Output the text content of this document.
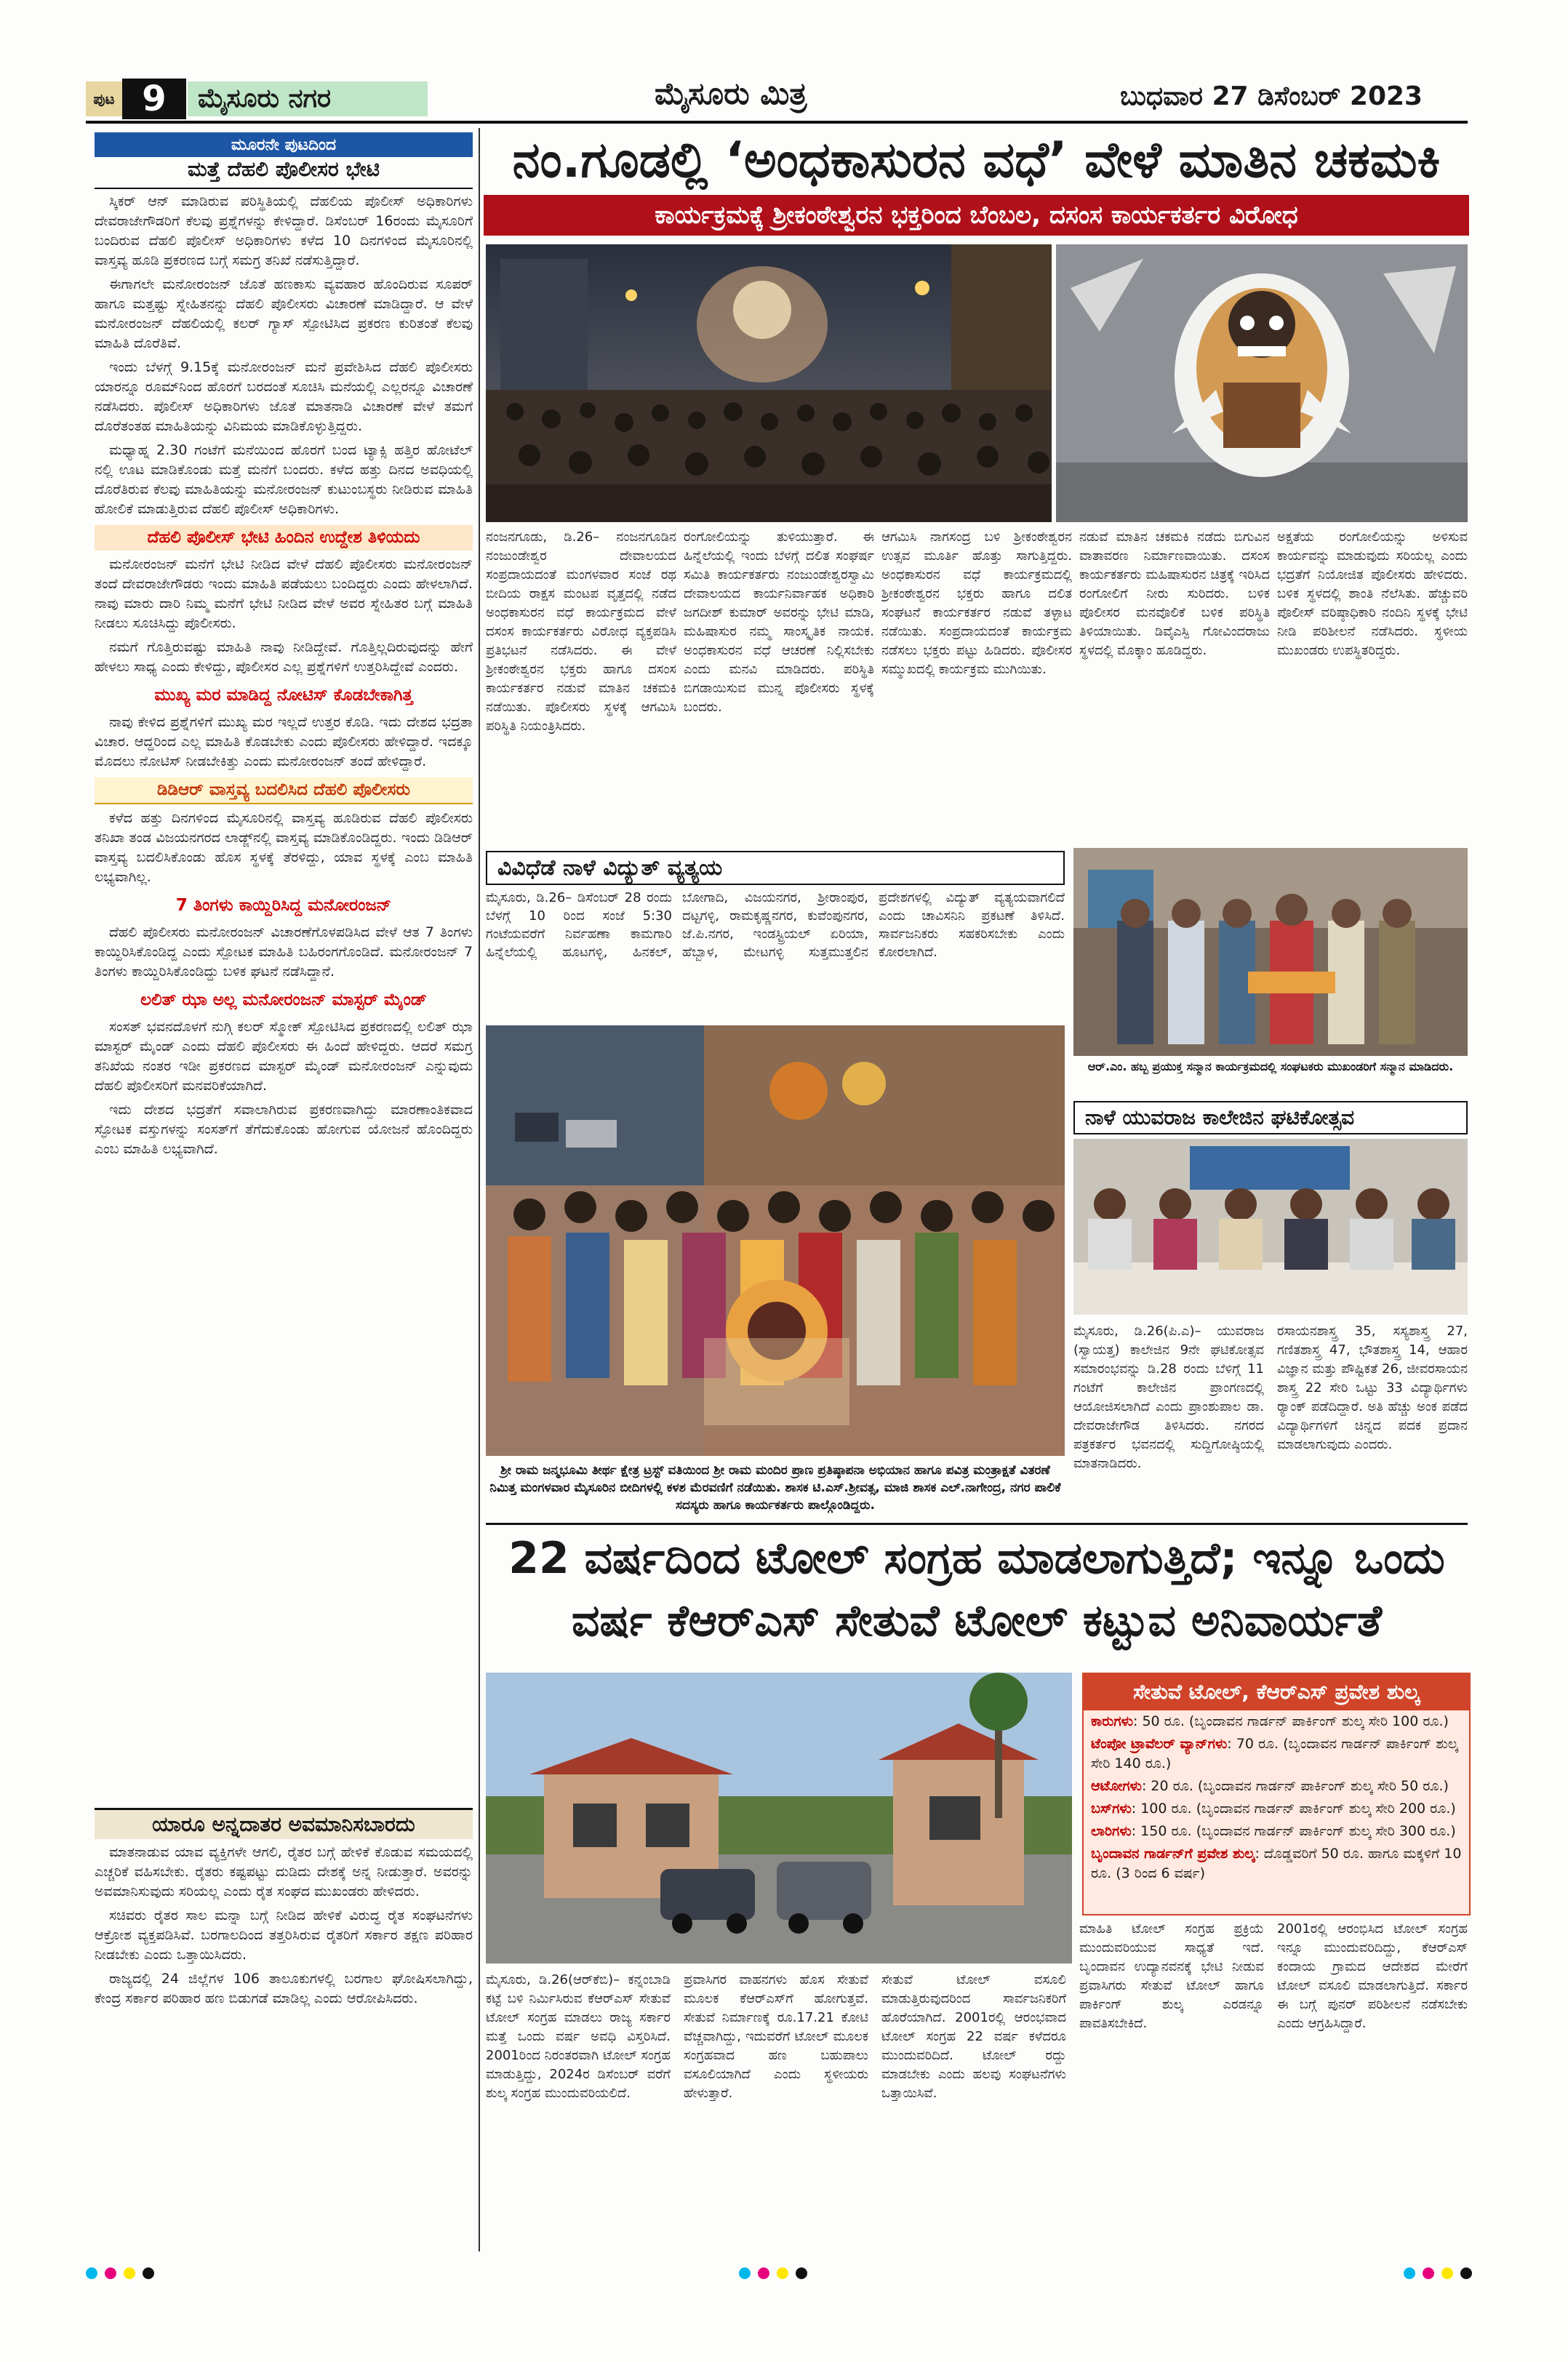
ಪುಟ 9	ಮೈಸೂರು ನಗರ	ಮೈಸೂರು ಮಿತ್ರ	ಬುಧವಾರ 27 ಡಿಸೆಂಬರ್ 2023
ಮೂರನೇ ಪುಟದಿಂದ
ಮತ್ತೆ ದೆಹಲಿ ಪೊಲೀಸರ ಭೇಟಿ

ಸ್ಕಿಕರ್ ಆನ್ ಮಾಡಿರುವ ಪರಿಸ್ಥಿತಿಯಲ್ಲಿ ದೆಹಲಿಯ ಪೊಲೀಸ್ ಅಧಿಕಾರಿಗಳು ದೇವರಾಜೇಗೌಡರಿಗೆ ಕೆಲವು ಪ್ರಶ್ನೆಗಳನ್ನು ಕೇಳಿದ್ದಾರೆ. ಡಿಸೆಂಬರ್ 16ರಂದು ಮೈಸೂರಿಗೆ ಬಂದಿರುವ ದೆಹಲಿ ಪೊಲೀಸ್ ಅಧಿಕಾರಿಗಳು ಕಳೆದ 10 ದಿನಗಳಿಂದ ಮೈಸೂರಿನಲ್ಲಿ ವಾಸ್ತವ್ಯ ಹೂಡಿ ಪ್ರಕರಣದ ಬಗ್ಗೆ ಸಮಗ್ರ ತನಿಖೆ ನಡೆಸುತ್ತಿದ್ದಾರೆ.

ಈಗಾಗಲೇ ಮನೋರಂಜನ್ ಜೊತೆ ಹಣಕಾಸು ವ್ಯವಹಾರ ಹೊಂದಿರುವ ಸೂಪರ್ ಹಾಗೂ ಮತ್ತಷ್ಟು ಸ್ನೇಹಿತನನ್ನು ದೆಹಲಿ ಪೊಲೀಸರು ವಿಚಾರಣೆ ಮಾಡಿದ್ದಾರೆ. ಆ ವೇಳೆ ಮನೋರಂಜನ್ ದೆಹಲಿಯಲ್ಲಿ ಕಲರ್ ಗ್ಯಾಸ್ ಸ್ಪೋಟಿಸಿದ ಪ್ರಕರಣ ಕುರಿತಂತೆ ಕೆಲವು ಮಾಹಿತಿ ದೊರೆತಿವೆ.

ಇಂದು ಬೆಳಗ್ಗೆ 9.15ಕ್ಕೆ ಮನೋರಂಜನ್ ಮನೆ ಪ್ರವೇಶಿಸಿದ ದೆಹಲಿ ಪೊಲೀಸರು ಯಾರನ್ನೂ ರೂಮ್‌ನಿಂದ ಹೊರಗೆ ಬರದಂತೆ ಸೂಚಿಸಿ ಮನೆಯಲ್ಲಿ ಎಲ್ಲರನ್ನೂ ವಿಚಾರಣೆ ನಡೆಸಿದರು. ಪೊಲೀಸ್ ಅಧಿಕಾರಿಗಳು ಜೊತೆ ಮಾತನಾಡಿ ವಿಚಾರಣೆ ವೇಳೆ ತಮಗೆ ದೊರೆತಂತಹ ಮಾಹಿತಿಯನ್ನು ವಿನಿಮಯ ಮಾಡಿಕೊಳ್ಳುತ್ತಿದ್ದರು.

ಮಧ್ಯಾಹ್ನ 2.30 ಗಂಟೆಗೆ ಮನೆಯಿಂದ ಹೊರಗೆ ಬಂದ ಟ್ಯಾಕ್ಸಿ ಹತ್ತಿರ ಹೋಟೆಲ್ ನಲ್ಲಿ ಊಟ ಮಾಡಿಕೊಂಡು ಮತ್ತೆ ಮನೆಗೆ ಬಂದರು. ಕಳೆದ ಹತ್ತು ದಿನದ ಅವಧಿಯಲ್ಲಿ ದೊರೆತಿರುವ ಕೆಲವು ಮಾಹಿತಿಯನ್ನು ಮನೋರಂಜನ್ ಕುಟುಂಬಸ್ಥರು ನೀಡಿರುವ ಮಾಹಿತಿ ಹೋಲಿಕೆ ಮಾಡುತ್ತಿರುವ ದೆಹಲಿ ಪೊಲೀಸ್ ಅಧಿಕಾರಿಗಳು.

ದೆಹಲಿ ಪೊಲೀಸ್ ಭೇಟಿ ಹಿಂದಿನ ಉದ್ದೇಶ ತಿಳಿಯದು

ಮನೋರಂಜನ್ ಮನೆಗೆ ಭೇಟಿ ನೀಡಿದ ವೇಳೆ ದೆಹಲಿ ಪೊಲೀಸರು ಮನೋರಂಜನ್ ತಂದೆ ದೇವರಾಜೇಗೌಡರು ಇಂದು ಮಾಹಿತಿ ಪಡೆಯಲು ಬಂದಿದ್ದರು ಎಂದು ಹೇಳಲಾಗಿದೆ. ನಾವು ಮಾರು ದಾರಿ ನಿಮ್ಮ ಮನೆಗೆ ಭೇಟಿ ನೀಡಿದ ವೇಳೆ ಅವರ ಸ್ನೇಹಿತರ ಬಗ್ಗೆ ಮಾಹಿತಿ ನೀಡಲು ಸೂಚಿಸಿದ್ದು ಪೊಲೀಸರು.

ನಮಗೆ ಗೊತ್ತಿರುವಷ್ಟು ಮಾಹಿತಿ ನಾವು ನೀಡಿದ್ದೇವೆ. ಗೊತ್ತಿಲ್ಲದಿರುವುದನ್ನು ಹೇಗೆ ಹೇಳಲು ಸಾಧ್ಯ ಎಂದು ಕೇಳಿದ್ದು, ಪೊಲೀಸರ ಎಲ್ಲ ಪ್ರಶ್ನೆಗಳಿಗೆ ಉತ್ತರಿಸಿದ್ದೇವೆ ಎಂದರು.

ಮುಖ್ಯ ಮರ ಮಾಡಿದ್ದ ನೋಟಿಸ್ ಕೊಡಬೇಕಾಗಿತ್ತ

ನಾವು ಕೇಳಿದ ಪ್ರಶ್ನೆಗಳಿಗೆ ಮುಖ್ಯ ಮರ ಇಲ್ಲದೆ ಉತ್ತರ ಕೊಡಿ. ಇದು ದೇಶದ ಭದ್ರತಾ ವಿಚಾರ. ಆದ್ದರಿಂದ ಎಲ್ಲ ಮಾಹಿತಿ ಕೊಡಬೇಕು ಎಂದು ಪೊಲೀಸರು ಹೇಳಿದ್ದಾರೆ. ಇದಕ್ಕೂ ಮೊದಲು ನೋಟಿಸ್ ನೀಡಬೇಕಿತ್ತು ಎಂದು ಮನೋರಂಜನ್ ತಂದೆ ಹೇಳಿದ್ದಾರೆ.

ಡಿಡಿಆರ್ ವಾಸ್ತವ್ಯ ಬದಲಿಸಿದ ದೆಹಲಿ ಪೊಲೀಸರು

ಕಳೆದ ಹತ್ತು ದಿನಗಳಿಂದ ಮೈಸೂರಿನಲ್ಲಿ ವಾಸ್ತವ್ಯ ಹೂಡಿರುವ ದೆಹಲಿ ಪೊಲೀಸರು ತನಿಖಾ ತಂಡ ವಿಜಯನಗರದ ಲಾಡ್ಜ್‌ನಲ್ಲಿ ವಾಸ್ತವ್ಯ ಮಾಡಿಕೊಂಡಿದ್ದರು. ಇಂದು ಡಿಡಿಆರ್ ವಾಸ್ತವ್ಯ ಬದಲಿಸಿಕೊಂಡು ಹೊಸ ಸ್ಥಳಕ್ಕೆ ತೆರಳಿದ್ದು, ಯಾವ ಸ್ಥಳಕ್ಕೆ ಎಂಬ ಮಾಹಿತಿ ಲಭ್ಯವಾಗಿಲ್ಲ.

7 ತಿಂಗಳು ಕಾಯ್ದಿರಿಸಿದ್ದ ಮನೋರಂಜನ್

ದೆಹಲಿ ಪೊಲೀಸರು ಮನೋರಂಜನ್ ವಿಚಾರಣೆಗೊಳಪಡಿಸಿದ ವೇಳೆ ಆತ 7 ತಿಂಗಳು ಕಾಯ್ದಿರಿಸಿಕೊಂಡಿದ್ದ ಎಂದು ಸ್ಪೋಟಕ ಮಾಹಿತಿ ಬಹಿರಂಗಗೊಂಡಿದೆ. ಮನೋರಂಜನ್ 7 ತಿಂಗಳು ಕಾಯ್ದಿರಿಸಿಕೊಂಡಿದ್ದು ಬಳಿಕ ಘಟನೆ ನಡೆಸಿದ್ದಾನೆ.

ಲಲಿತ್ ಝಾ ಅಲ್ಲ ಮನೋರಂಜನ್ ಮಾಸ್ಟರ್ ಮೈಂಡ್

ಸಂಸತ್ ಭವನದೊಳಗೆ ನುಗ್ಗಿ ಕಲರ್ ಸ್ಮೋಕ್ ಸ್ಪೋಟಿಸಿದ ಪ್ರಕರಣದಲ್ಲಿ ಲಲಿತ್ ಝಾ ಮಾಸ್ಟರ್ ಮೈಂಡ್ ಎಂದು ದೆಹಲಿ ಪೊಲೀಸರು ಈ ಹಿಂದೆ ಹೇಳಿದ್ದರು. ಆದರೆ ಸಮಗ್ರ ತನಿಖೆಯ ನಂತರ ಇಡೀ ಪ್ರಕರಣದ ಮಾಸ್ಟರ್ ಮೈಂಡ್ ಮನೋರಂಜನ್ ಎನ್ನುವುದು ದೆಹಲಿ ಪೊಲೀಸರಿಗೆ ಮನವರಿಕೆಯಾಗಿದೆ.

ಇದು ದೇಶದ ಭದ್ರತೆಗೆ ಸವಾಲಾಗಿರುವ ಪ್ರಕರಣವಾಗಿದ್ದು ಮಾರಣಾಂತಿಕವಾದ ಸ್ಫೋಟಕ ವಸ್ತುಗಳನ್ನು ಸಂಸತ್‌ಗೆ ತೆಗೆದುಕೊಂಡು ಹೋಗುವ ಯೋಜನೆ ಹೊಂದಿದ್ದರು ಎಂಬ ಮಾಹಿತಿ ಲಭ್ಯವಾಗಿದೆ.

ಯಾರೂ ಅನ್ನದಾತರ ಅವಮಾನಿಸಬಾರದು

ಮಾತನಾಡುವ ಯಾವ ವ್ಯಕ್ತಿಗಳೇ ಆಗಲಿ, ರೈತರ ಬಗ್ಗೆ ಹೇಳಿಕೆ ಕೊಡುವ ಸಮಯದಲ್ಲಿ ಎಚ್ಚರಿಕೆ ವಹಿಸಬೇಕು. ರೈತರು ಕಷ್ಟಪಟ್ಟು ದುಡಿದು ದೇಶಕ್ಕೆ ಅನ್ನ ನೀಡುತ್ತಾರೆ. ಅವರನ್ನು ಅವಮಾನಿಸುವುದು ಸರಿಯಲ್ಲ ಎಂದು ರೈತ ಸಂಘದ ಮುಖಂಡರು ಹೇಳಿದರು.

ಸಚಿವರು ರೈತರ ಸಾಲ ಮನ್ನಾ ಬಗ್ಗೆ ನೀಡಿದ ಹೇಳಿಕೆ ವಿರುದ್ಧ ರೈತ ಸಂಘಟನೆಗಳು ಆಕ್ರೋಶ ವ್ಯಕ್ತಪಡಿಸಿವೆ. ಬರಗಾಲದಿಂದ ತತ್ತರಿಸಿರುವ ರೈತರಿಗೆ ಸರ್ಕಾರ ತಕ್ಷಣ ಪರಿಹಾರ ನೀಡಬೇಕು ಎಂದು ಒತ್ತಾಯಿಸಿದರು.

ರಾಜ್ಯದಲ್ಲಿ 24 ಜಿಲ್ಲೆಗಳ 106 ತಾಲೂಕುಗಳಲ್ಲಿ ಬರಗಾಲ ಘೋಷಿಸಲಾಗಿದ್ದು, ಕೇಂದ್ರ ಸರ್ಕಾರ ಪರಿಹಾರ ಹಣ ಬಿಡುಗಡೆ ಮಾಡಿಲ್ಲ ಎಂದು ಆರೋಪಿಸಿದರು.

ನಂ.ಗೂಡಲ್ಲಿ ‘ಅಂಧಕಾಸುರನ ವಧೆ’ ವೇಳೆ ಮಾತಿನ ಚಕಮಕಿ
ಕಾರ್ಯಕ್ರಮಕ್ಕೆ ಶ್ರೀಕಂಠೇಶ್ವರನ ಭಕ್ತರಿಂದ ಬೆಂಬಲ, ದಸಂಸ ಕಾರ್ಯಕರ್ತರ ವಿರೋಧ
ನಂಜನಗೂಡು, ಡಿ.26– ನಂಜನಗೂಡಿನ ನಂಜುಂಡೇಶ್ವರ ದೇವಾಲಯದ ಸಂಪ್ರದಾಯದಂತೆ ಮಂಗಳವಾರ ಸಂಜೆ ರಥ ಬೀದಿಯ ರಾಕ್ಷಸ ಮಂಟಪ ವೃತ್ತದಲ್ಲಿ ನಡೆದ ಅಂಧಕಾಸುರನ ವಧೆ ಕಾರ್ಯಕ್ರಮದ ವೇಳೆ ದಸಂಸ ಕಾರ್ಯಕರ್ತರು ವಿರೋಧ ವ್ಯಕ್ತಪಡಿಸಿ ಪ್ರತಿಭಟನೆ ನಡೆಸಿದರು. ಈ ವೇಳೆ ಶ್ರೀಕಂಠೇಶ್ವರನ ಭಕ್ತರು ಹಾಗೂ ದಸಂಸ ಕಾರ್ಯಕರ್ತರ ನಡುವೆ ಮಾತಿನ ಚಕಮಕಿ ನಡೆಯಿತು. ಪೊಲೀಸರು ಸ್ಥಳಕ್ಕೆ ಆಗಮಿಸಿ ಪರಿಸ್ಥಿತಿ ನಿಯಂತ್ರಿಸಿದರು.
ರಂಗೋಲಿಯನ್ನು ತುಳಿಯುತ್ತಾರೆ. ಈ ಹಿನ್ನೆಲೆಯಲ್ಲಿ ಇಂದು ಬೆಳಗ್ಗೆ ದಲಿತ ಸಂಘರ್ಷ ಸಮಿತಿ ಕಾರ್ಯಕರ್ತರು ನಂಜುಂಡೇಶ್ವರಸ್ವಾಮಿ ದೇವಾಲಯದ ಕಾರ್ಯನಿರ್ವಾಹಕ ಅಧಿಕಾರಿ ಜಗದೀಶ್ ಕುಮಾರ್ ಅವರನ್ನು ಭೇಟಿ ಮಾಡಿ, ಮಹಿಷಾಸುರ ನಮ್ಮ ಸಾಂಸ್ಕೃತಿಕ ನಾಯಕ. ಅಂಧಕಾಸುರನ ವಧೆ ಆಚರಣೆ ನಿಲ್ಲಿಸಬೇಕು ಎಂದು ಮನವಿ ಮಾಡಿದರು. ಪರಿಸ್ಥಿತಿ ಬಿಗಡಾಯಿಸುವ ಮುನ್ನ ಪೊಲೀಸರು ಸ್ಥಳಕ್ಕೆ ಬಂದರು.
ಆಗಮಿಸಿ ನಾಗಸಂದ್ರ ಬಳಿ ಶ್ರೀಕಂಠೇಶ್ವರನ ಉತ್ಸವ ಮೂರ್ತಿ ಹೊತ್ತು ಸಾಗುತ್ತಿದ್ದರು. ಅಂಧಕಾಸುರನ ವಧೆ ಕಾರ್ಯಕ್ರಮದಲ್ಲಿ ಶ್ರೀಕಂಠೇಶ್ವರನ ಭಕ್ತರು ಹಾಗೂ ದಲಿತ ಸಂಘಟನೆ ಕಾರ್ಯಕರ್ತರ ನಡುವೆ ತಳ್ಳಾಟ ನಡೆಯಿತು. ಸಂಪ್ರದಾಯದಂತೆ ಕಾರ್ಯಕ್ರಮ ನಡೆಸಲು ಭಕ್ತರು ಪಟ್ಟು ಹಿಡಿದರು. ಪೊಲೀಸರ ಸಮ್ಮುಖದಲ್ಲಿ ಕಾರ್ಯಕ್ರಮ ಮುಗಿಯಿತು.
ನಡುವೆ ಮಾತಿನ ಚಕಮಕಿ ನಡೆದು ಬಿಗುವಿನ ವಾತಾವರಣ ನಿರ್ಮಾಣವಾಯಿತು. ದಸಂಸ ಕಾರ್ಯಕರ್ತರು ಮಹಿಷಾಸುರನ ಚಿತ್ರಕ್ಕೆ ಇರಿಸಿದ ರಂಗೋಲಿಗೆ ನೀರು ಸುರಿದರು. ಬಳಿಕ ಪೊಲೀಸರ ಮನವೊಲಿಕೆ ಬಳಿಕ ಪರಿಸ್ಥಿತಿ ತಿಳಿಯಾಯಿತು. ಡಿವೈಎಸ್ಪಿ ಗೋವಿಂದರಾಜು ಸ್ಥಳದಲ್ಲಿ ಮೊಕ್ಕಾಂ ಹೂಡಿದ್ದರು.
ಅಕ್ಷತೆಯ ರಂಗೋಲಿಯನ್ನು ಅಳಿಸುವ ಕಾರ್ಯವನ್ನು ಮಾಡುವುದು ಸರಿಯಲ್ಲ ಎಂದು ಭದ್ರತೆಗೆ ನಿಯೋಜಿತ ಪೊಲೀಸರು ಹೇಳಿದರು. ಬಳಿಕ ಸ್ಥಳದಲ್ಲಿ ಶಾಂತಿ ನೆಲೆಸಿತು. ಹೆಚ್ಚುವರಿ ಪೊಲೀಸ್ ವರಿಷ್ಠಾಧಿಕಾರಿ ನಂದಿನಿ ಸ್ಥಳಕ್ಕೆ ಭೇಟಿ ನೀಡಿ ಪರಿಶೀಲನೆ ನಡೆಸಿದರು. ಸ್ಥಳೀಯ ಮುಖಂಡರು ಉಪಸ್ಥಿತರಿದ್ದರು.
ವಿವಿಧೆಡೆ ನಾಳೆ ವಿದ್ಯುತ್ ವ್ಯತ್ಯಯ
ಮೈಸೂರು, ಡಿ.26– ಡಿಸೆಂಬರ್ 28 ರಂದು ಬೆಳಗ್ಗೆ 10 ರಿಂದ ಸಂಜೆ 5:30 ಗಂಟೆಯವರೆಗೆ ನಿರ್ವಹಣಾ ಕಾಮಗಾರಿ ಹಿನ್ನೆಲೆಯಲ್ಲಿ ಹೂಟಗಳ್ಳಿ, ಹಿನಕಲ್, ಬೋಗಾದಿ, ವಿಜಯನಗರ, ಶ್ರೀರಾಂಪುರ, ದಟ್ಟಗಳ್ಳಿ, ರಾಮಕೃಷ್ಣನಗರ, ಕುವೆಂಪುನಗರ, ಜೆ.ಪಿ.ನಗರ, ಇಂಡಸ್ಟ್ರಿಯಲ್ ಏರಿಯಾ, ಹೆಬ್ಬಾಳ, ಮೇಟಗಳ್ಳಿ ಸುತ್ತಮುತ್ತಲಿನ ಪ್ರದೇಶಗಳಲ್ಲಿ ವಿದ್ಯುತ್ ವ್ಯತ್ಯಯವಾಗಲಿದೆ ಎಂದು ಚಾವಿಸನಿನಿ ಪ್ರಕಟಣೆ ತಿಳಿಸಿದೆ. ಸಾರ್ವಜನಿಕರು ಸಹಕರಿಸಬೇಕು ಎಂದು ಕೋರಲಾಗಿದೆ.
ಶ್ರೀ ರಾಮ ಜನ್ಮಭೂಮಿ ತೀರ್ಥ ಕ್ಷೇತ್ರ ಟ್ರಸ್ಟ್ ವತಿಯಿಂದ ಶ್ರೀ ರಾಮ ಮಂದಿರ ಪ್ರಾಣ ಪ್ರತಿಷ್ಠಾಪನಾ ಅಭಿಯಾನ ಹಾಗೂ ಪವಿತ್ರ ಮಂತ್ರಾಕ್ಷತೆ ವಿತರಣೆ ನಿಮಿತ್ತ ಮಂಗಳವಾರ ಮೈಸೂರಿನ ಬೀದಿಗಳಲ್ಲಿ ಕಳಶ ಮೆರವಣಿಗೆ ನಡೆಯಿತು. ಶಾಸಕ ಟಿ.ಎಸ್.ಶ್ರೀವತ್ಸ, ಮಾಜಿ ಶಾಸಕ ಎಲ್.ನಾಗೇಂದ್ರ, ನಗರ ಪಾಲಿಕೆ ಸದಸ್ಯರು ಹಾಗೂ ಕಾರ್ಯಕರ್ತರು ಪಾಲ್ಗೊಂಡಿದ್ದರು.
ಆರ್.ಎಂ. ಹಬ್ಬ ಪ್ರಯುಕ್ತ ಸನ್ಮಾನ ಕಾರ್ಯಕ್ರಮದಲ್ಲಿ ಸಂಘಟಕರು ಮುಖಂಡರಿಗೆ ಸನ್ಮಾನ ಮಾಡಿದರು.
ನಾಳೆ ಯುವರಾಜ ಕಾಲೇಜಿನ ಘಟಿಕೋತ್ಸವ
ಮೈಸೂರು, ಡಿ.26(ಪಿ.ಎ)– ಯುವರಾಜ (ಸ್ವಾಯತ್ತ) ಕಾಲೇಜಿನ 9ನೇ ಘಟಿಕೋತ್ಸವ ಸಮಾರಂಭವನ್ನು ಡಿ.28 ರಂದು ಬೆಳಿಗ್ಗೆ 11 ಗಂಟೆಗೆ ಕಾಲೇಜಿನ ಪ್ರಾಂಗಣದಲ್ಲಿ ಆಯೋಜಿಸಲಾಗಿದೆ ಎಂದು ಪ್ರಾಂಶುಪಾಲ ಡಾ. ದೇವರಾಜೇಗೌಡ ತಿಳಿಸಿದರು. ನಗರದ ಪತ್ರಕರ್ತರ ಭವನದಲ್ಲಿ ಸುದ್ದಿಗೋಷ್ಠಿಯಲ್ಲಿ ಮಾತನಾಡಿದರು.
ರಸಾಯನಶಾಸ್ತ್ರ 35, ಸಸ್ಯಶಾಸ್ತ್ರ 27, ಗಣಿತಶಾಸ್ತ್ರ 47, ಭೌತಶಾಸ್ತ್ರ 14, ಆಹಾರ ವಿಜ್ಞಾನ ಮತ್ತು ಪೌಷ್ಟಿಕತೆ 26, ಜೀವರಸಾಯನ ಶಾಸ್ತ್ರ 22 ಸೇರಿ ಒಟ್ಟು 33 ವಿದ್ಯಾರ್ಥಿಗಳು ರ‍್ಯಾಂಕ್ ಪಡೆದಿದ್ದಾರೆ. ಅತಿ ಹೆಚ್ಚು ಅಂಕ ಪಡೆದ ವಿದ್ಯಾರ್ಥಿಗಳಿಗೆ ಚಿನ್ನದ ಪದಕ ಪ್ರದಾನ ಮಾಡಲಾಗುವುದು ಎಂದರು.
22 ವರ್ಷದಿಂದ ಟೋಲ್ ಸಂಗ್ರಹ ಮಾಡಲಾಗುತ್ತಿದೆ; ಇನ್ನೂ ಒಂದು
ವರ್ಷ ಕೆಆರ್‌ಎಸ್ ಸೇತುವೆ ಟೋಲ್ ಕಟ್ಟುವ ಅನಿವಾರ್ಯತೆ
ಸೇತುವೆ ಟೋಲ್, ಕೆಆರ್‌ಎಸ್ ಪ್ರವೇಶ ಶುಲ್ಕ
ಕಾರುಗಳು: 50 ರೂ. (ಬೃಂದಾವನ ಗಾರ್ಡನ್ ಪಾರ್ಕಿಂಗ್ ಶುಲ್ಕ ಸೇರಿ 100 ರೂ.)
ಟೆಂಪೋ ಟ್ರಾವೆಲರ್ ವ್ಯಾನ್‌ಗಳು: 70 ರೂ. (ಬೃಂದಾವನ ಗಾರ್ಡನ್ ಪಾರ್ಕಿಂಗ್ ಶುಲ್ಕ ಸೇರಿ 140 ರೂ.)
ಆಟೋಗಳು: 20 ರೂ. (ಬೃಂದಾವನ ಗಾರ್ಡನ್ ಪಾರ್ಕಿಂಗ್ ಶುಲ್ಕ ಸೇರಿ 50 ರೂ.)
ಬಸ್‌ಗಳು: 100 ರೂ. (ಬೃಂದಾವನ ಗಾರ್ಡನ್ ಪಾರ್ಕಿಂಗ್ ಶುಲ್ಕ ಸೇರಿ 200 ರೂ.)
ಲಾರಿಗಳು: 150 ರೂ. (ಬೃಂದಾವನ ಗಾರ್ಡನ್ ಪಾರ್ಕಿಂಗ್ ಶುಲ್ಕ ಸೇರಿ 300 ರೂ.)
ಬೃಂದಾವನ ಗಾರ್ಡನ್‌ಗೆ ಪ್ರವೇಶ ಶುಲ್ಕ: ದೊಡ್ಡವರಿಗೆ 50 ರೂ. ಹಾಗೂ ಮಕ್ಕಳಿಗೆ 10 ರೂ. (3 ರಿಂದ 6 ವರ್ಷ)
ಮಾಹಿತಿ ಟೋಲ್ ಸಂಗ್ರಹ ಪ್ರಕ್ರಿಯೆ ಮುಂದುವರಿಯುವ ಸಾಧ್ಯತೆ ಇದೆ. ಬೃಂದಾವನ ಉದ್ಯಾನವನಕ್ಕೆ ಭೇಟಿ ನೀಡುವ ಪ್ರವಾಸಿಗರು ಸೇತುವೆ ಟೋಲ್ ಹಾಗೂ ಪಾರ್ಕಿಂಗ್ ಶುಲ್ಕ ಎರಡನ್ನೂ ಪಾವತಿಸಬೇಕಿದೆ.
2001ರಲ್ಲಿ ಆರಂಭಿಸಿದ ಟೋಲ್ ಸಂಗ್ರಹ ಇನ್ನೂ ಮುಂದುವರಿದಿದ್ದು, ಕೆಆರ್‌ಎಸ್ ಕಂದಾಯ ಗ್ರಾಮದ ಆದೇಶದ ಮೇರೆಗೆ ಟೋಲ್ ವಸೂಲಿ ಮಾಡಲಾಗುತ್ತಿದೆ. ಸರ್ಕಾರ ಈ ಬಗ್ಗೆ ಪುನರ್ ಪರಿಶೀಲನೆ ನಡೆಸಬೇಕು ಎಂದು ಆಗ್ರಹಿಸಿದ್ದಾರೆ.
ಮೈಸೂರು, ಡಿ.26(ಆರ್‌ಕೆಬಿ)– ಕನ್ನಂಬಾಡಿ ಕಟ್ಟೆ ಬಳಿ ನಿರ್ಮಿಸಿರುವ ಕೆಆರ್‌ಎಸ್ ಸೇತುವೆ ಟೋಲ್ ಸಂಗ್ರಹ ಮಾಡಲು ರಾಜ್ಯ ಸರ್ಕಾರ ಮತ್ತೆ ಒಂದು ವರ್ಷ ಅವಧಿ ವಿಸ್ತರಿಸಿದೆ. 2001ರಿಂದ ನಿರಂತರವಾಗಿ ಟೋಲ್ ಸಂಗ್ರಹ ಮಾಡುತ್ತಿದ್ದು, 2024ರ ಡಿಸೆಂಬರ್ ವರೆಗೆ ಶುಲ್ಕ ಸಂಗ್ರಹ ಮುಂದುವರಿಯಲಿದೆ.
ಪ್ರವಾಸಿಗರ ವಾಹನಗಳು ಹೊಸ ಸೇತುವೆ ಮೂಲಕ ಕೆಆರ್‌ಎಸ್‌ಗೆ ಹೋಗುತ್ತವೆ. ಸೇತುವೆ ನಿರ್ಮಾಣಕ್ಕೆ ರೂ.17.21 ಕೋಟಿ ವೆಚ್ಚವಾಗಿದ್ದು, ಇದುವರೆಗೆ ಟೋಲ್ ಮೂಲಕ ಸಂಗ್ರಹವಾದ ಹಣ ಬಹುಪಾಲು ವಸೂಲಿಯಾಗಿದೆ ಎಂದು ಸ್ಥಳೀಯರು ಹೇಳುತ್ತಾರೆ.
ಸೇತುವೆ ಟೋಲ್ ವಸೂಲಿ ಮಾಡುತ್ತಿರುವುದರಿಂದ ಸಾರ್ವಜನಿಕರಿಗೆ ಹೊರೆಯಾಗಿದೆ. 2001ರಲ್ಲಿ ಆರಂಭವಾದ ಟೋಲ್ ಸಂಗ್ರಹ 22 ವರ್ಷ ಕಳೆದರೂ ಮುಂದುವರಿದಿದೆ. ಟೋಲ್ ರದ್ದು ಮಾಡಬೇಕು ಎಂದು ಹಲವು ಸಂಘಟನೆಗಳು ಒತ್ತಾಯಿಸಿವೆ.
